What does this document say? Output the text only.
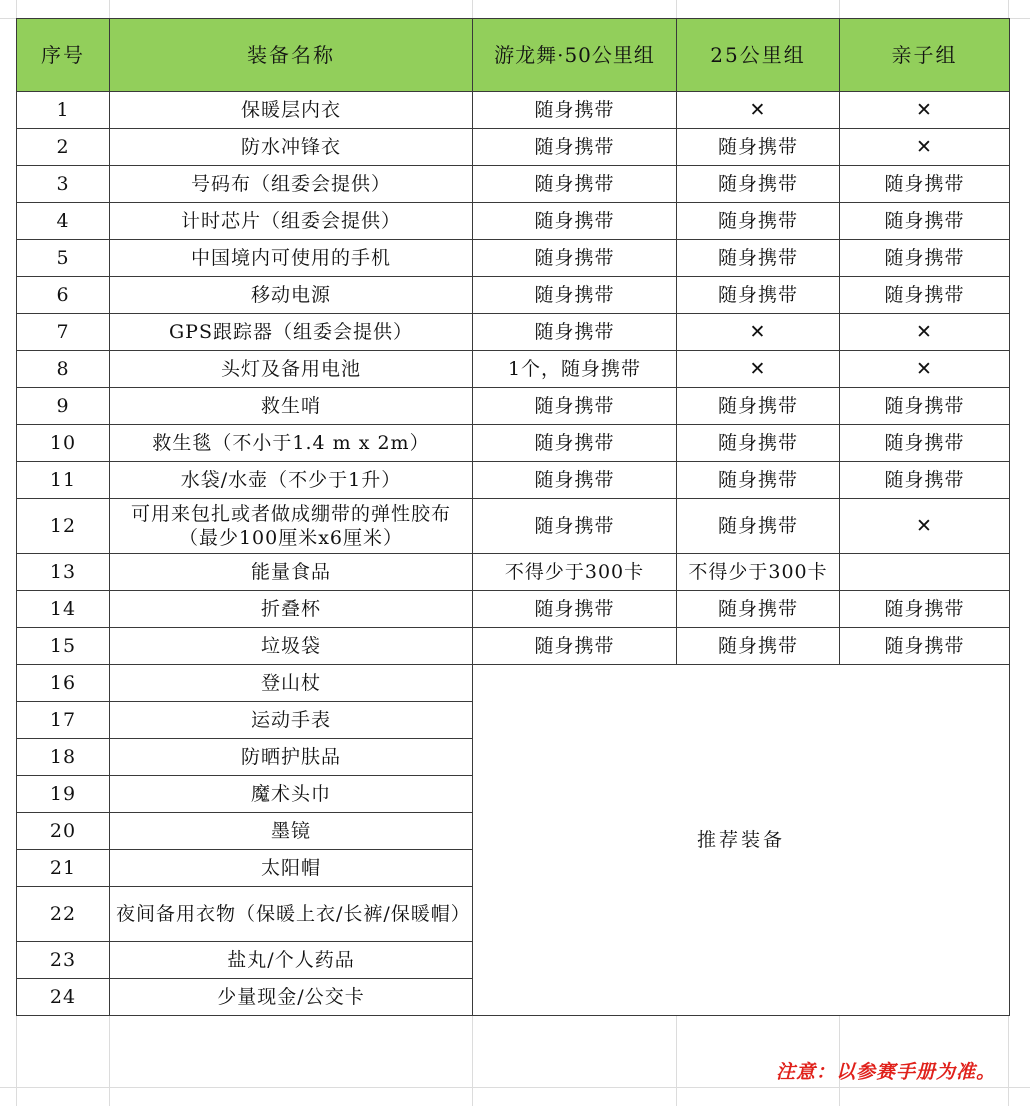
序号	装备名称	游龙舞·50公里组	25公里组	亲子组
1	保暖层内衣	随身携带	✕	✕
2	防水冲锋衣	随身携带	随身携带	✕
3	号码布（组委会提供）	随身携带	随身携带	随身携带
4	计时芯片（组委会提供）	随身携带	随身携带	随身携带
5	中国境内可使用的手机	随身携带	随身携带	随身携带
6	移动电源	随身携带	随身携带	随身携带
7	GPS跟踪器（组委会提供）	随身携带	✕	✕
8	头灯及备用电池	1个，随身携带	✕	✕
9	救生哨	随身携带	随身携带	随身携带
10	救生毯（不小于1.4 m x 2m）	随身携带	随身携带	随身携带
11	水袋/水壶（不少于1升）	随身携带	随身携带	随身携带
12	可用来包扎或者做成绷带的弹性胶布（最少100厘米x6厘米）	随身携带	随身携带	✕
13	能量食品	不得少于300卡	不得少于300卡	
14	折叠杯	随身携带	随身携带	随身携带
15	垃圾袋	随身携带	随身携带	随身携带
16	登山杖	推荐装备		
17	运动手表			
18	防晒护肤品			
19	魔术头巾			
20	墨镜			
21	太阳帽			
22	夜间备用衣物（保暖上衣/长裤/保暖帽）			
23	盐丸/个人药品			
24	少量现金/公交卡			
注意：以参赛手册为准。
